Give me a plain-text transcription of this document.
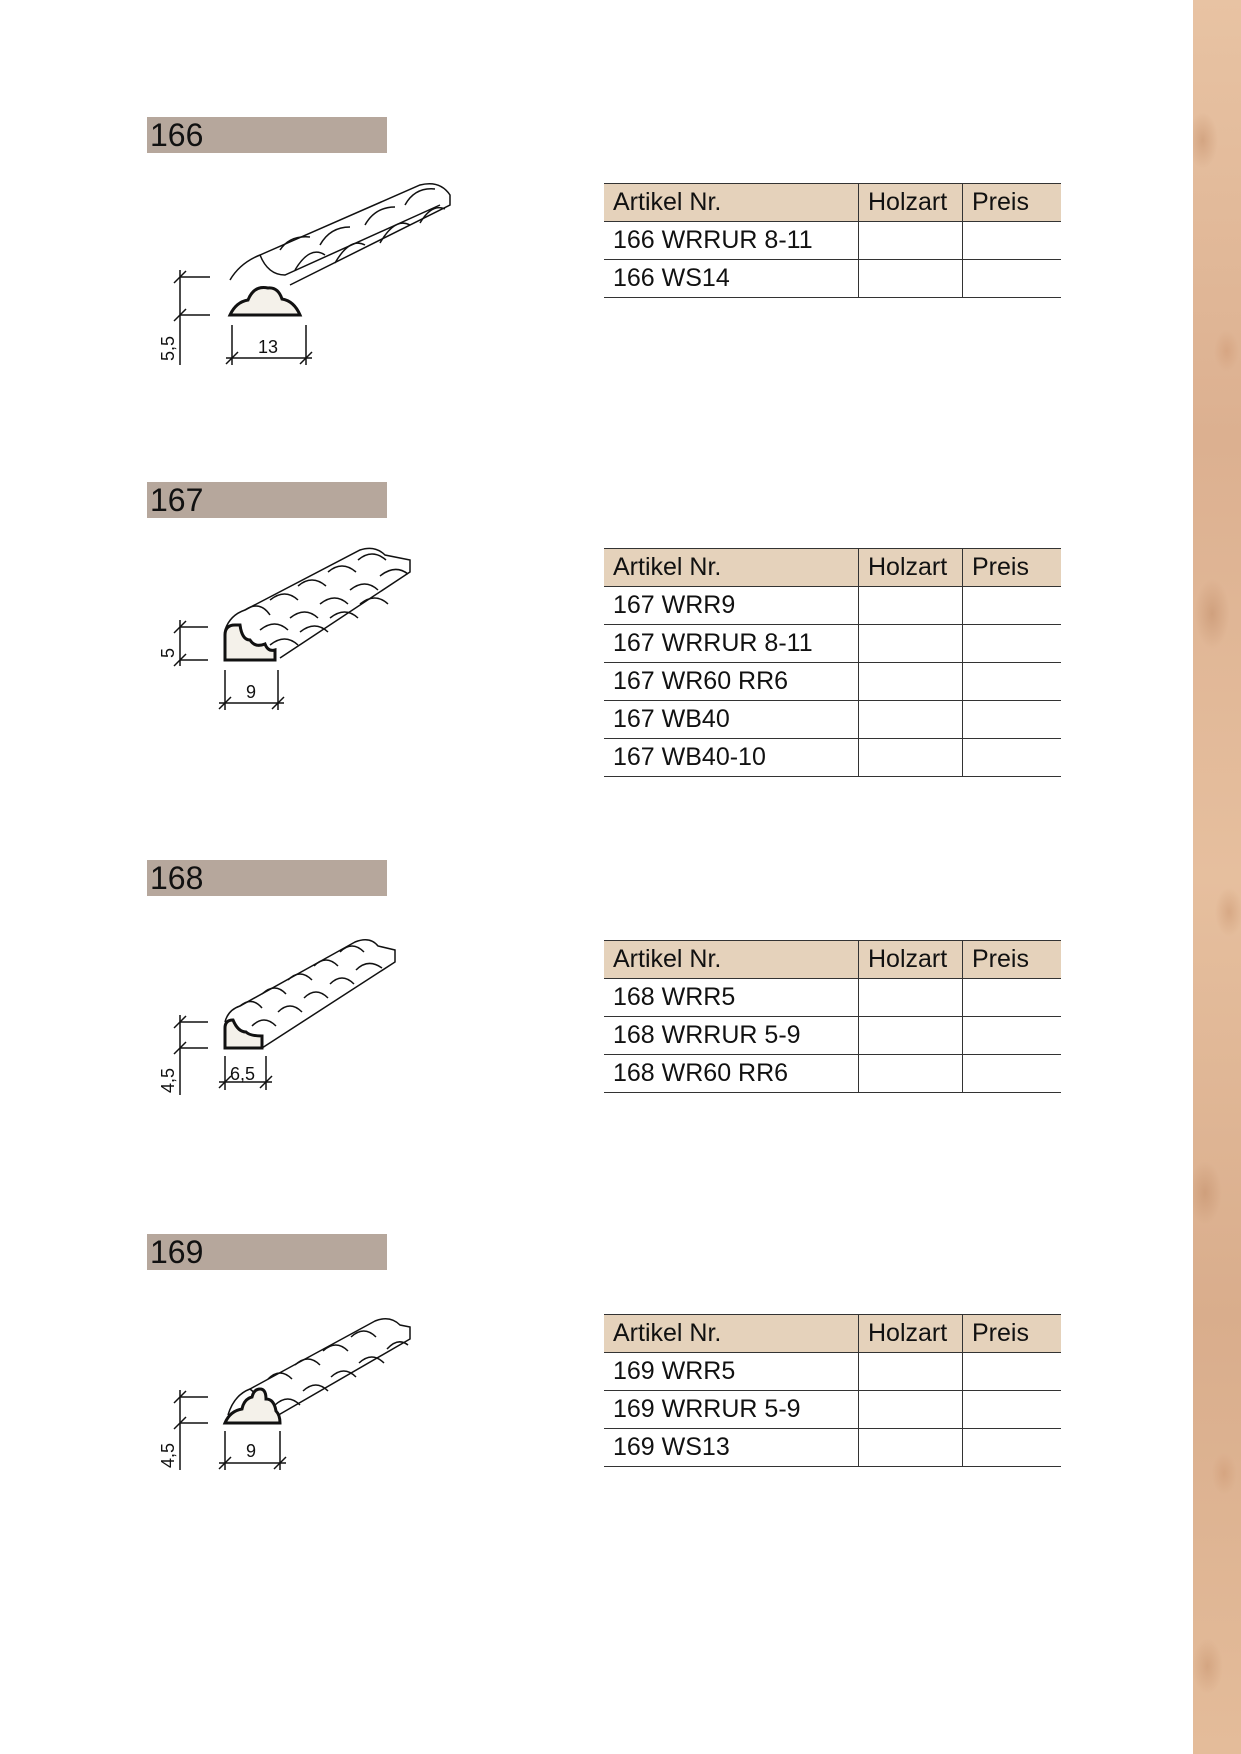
166
5,5	13
Artikel Nr.	Holzart	Preis
166 WRRUR 8-11		
166 WS14		
167
5
9
Artikel Nr.	Holzart	Preis
167 WRR9		
167 WRRUR 8-11		
167 WR60 RR6		
167 WB40		
167 WB40-10		
168
4,5	6,5
Artikel Nr.	Holzart	Preis
168 WRR5		
168 WRRUR 5-9		
168 WR60 RR6		
169
4,5	9
Artikel Nr.	Holzart	Preis
169 WRR5		
169 WRRUR 5-9		
169 WS13		
